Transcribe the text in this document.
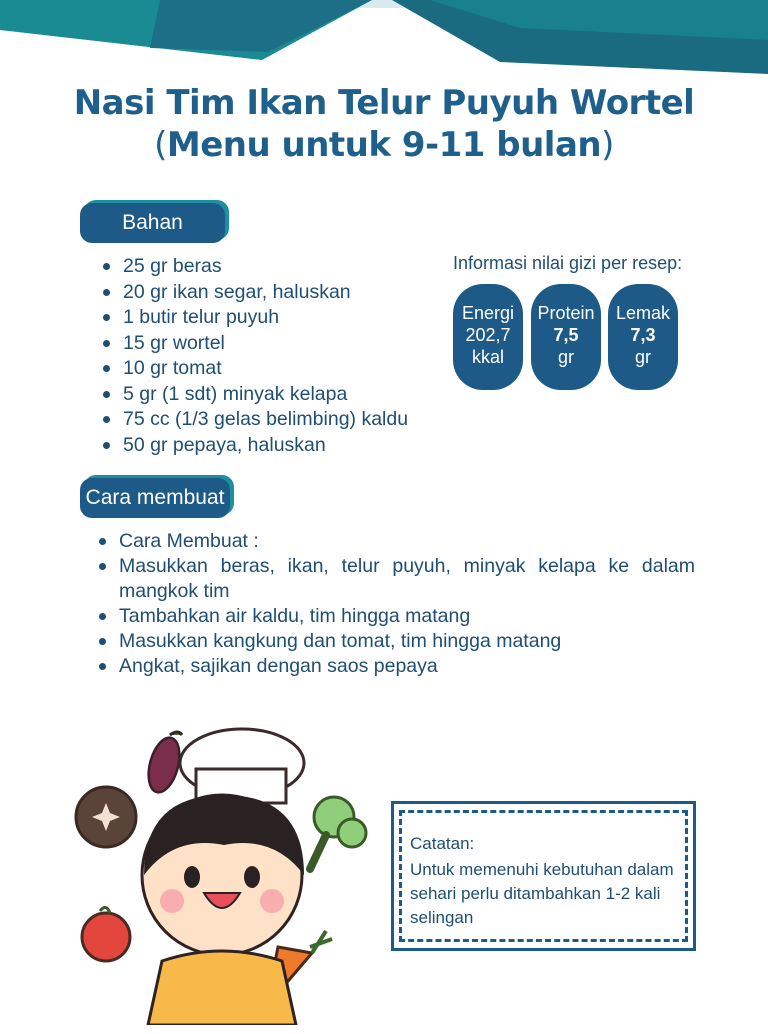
Nasi Tim Ikan Telur Puyuh Wortel
(Menu untuk 9-11 bulan)
Bahan
25 gr beras
20 gr ikan segar, haluskan
1 butir telur puyuh
15 gr wortel
10 gr tomat
5 gr (1 sdt) minyak kelapa
75 cc (1/3 gelas belimbing) kaldu
50 gr pepaya, haluskan
Informasi nilai gizi per resep:
Energi
202,7
kkal
Protein
7,5
gr
Lemak
7,3
gr
Cara membuat
Cara Membuat :
Masukkan beras, ikan, telur puyuh, minyak kelapa ke dalam mangkok tim
Tambahkan air kaldu, tim hingga matang
Masukkan kangkung dan tomat, tim hingga matang
Angkat, sajikan dengan saos pepaya
Catatan:
Untuk memenuhi kebutuhan dalam sehari perlu ditambahkan 1-2 kali selingan
